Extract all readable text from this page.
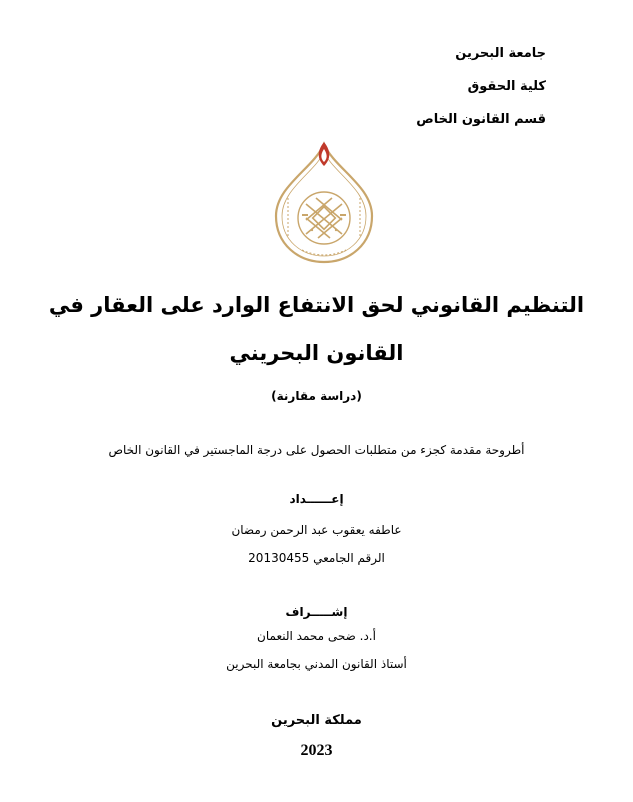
جامعة البحرين

كلية الحقوق

قسم القانون الخاص

التنظيم القانوني لحق الانتفاع الوارد على العقار في

القانون البحريني

(دراسة مقارنة)

أطروحة مقدمة كجزء من متطلبات الحصول على درجة الماجستير في القانون الخاص

إعــــــداد

عاطفه يعقوب عبد الرحمن رمضان

الرقم الجامعي 20130455

إشـــــراف

أ.د. ضحى محمد النعمان

أستاذ القانون المدني بجامعة البحرين

مملكة البحرين

2023
